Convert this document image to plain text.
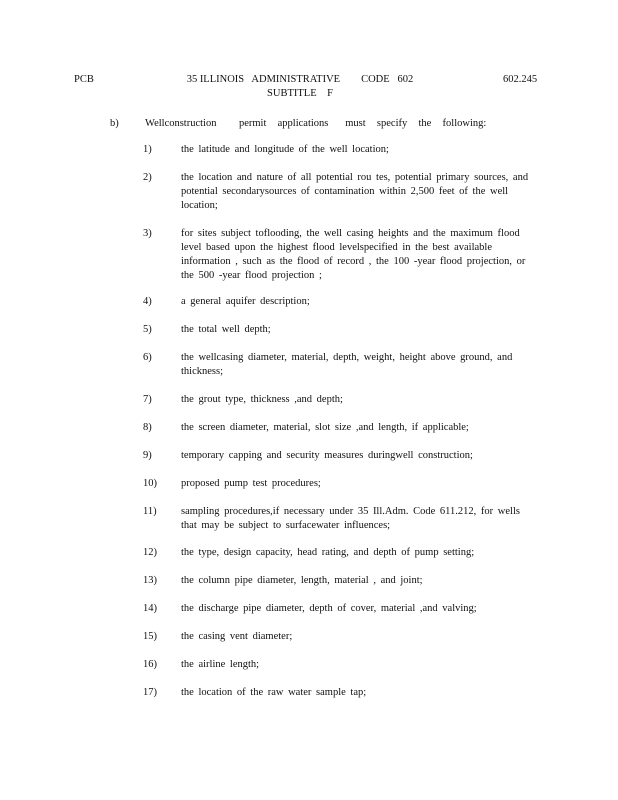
PCB	35 ILLINOIS   ADMINISTRATIVE        CODE   602
SUBTITLE    F
602.245
b)	Wellconstruction    permit  applications   must  specify  the  following:
1)	the latitude and longitude of the well location;
2)	the location and nature of all potential rou tes, potential primary sources, and potential secondarysources of contamination within 2,500 feet of the well location;
3)	for sites subject toflooding, the well casing heights and the maximum flood level based upon the highest flood levelspecified in the best available information , such as the flood of record , the 100 -year flood projection, or the 500 -year flood projection ;
4)	a general aquifer description;
5)	the total well depth;
6)	the wellcasing diameter, material, depth, weight, height above ground, and thickness;
7)	the grout type, thickness ,and depth;
8)	the screen diameter, material, slot size ,and length, if applicable;
9)	temporary capping and security measures duringwell construction;
10) proposed pump test procedures;
11) sampling procedures,if necessary under 35 Ill.Adm. Code 611.212, for wells that may be subject to surfacewater influences;
12) the type, design capacity, head rating, and depth of pump setting;
13) the column pipe diameter, length, material , and joint;
14) the discharge pipe diameter, depth of cover, material ,and valving;
15) the casing vent diameter;
16) the airline length;
17) the location of the raw water sample tap;
